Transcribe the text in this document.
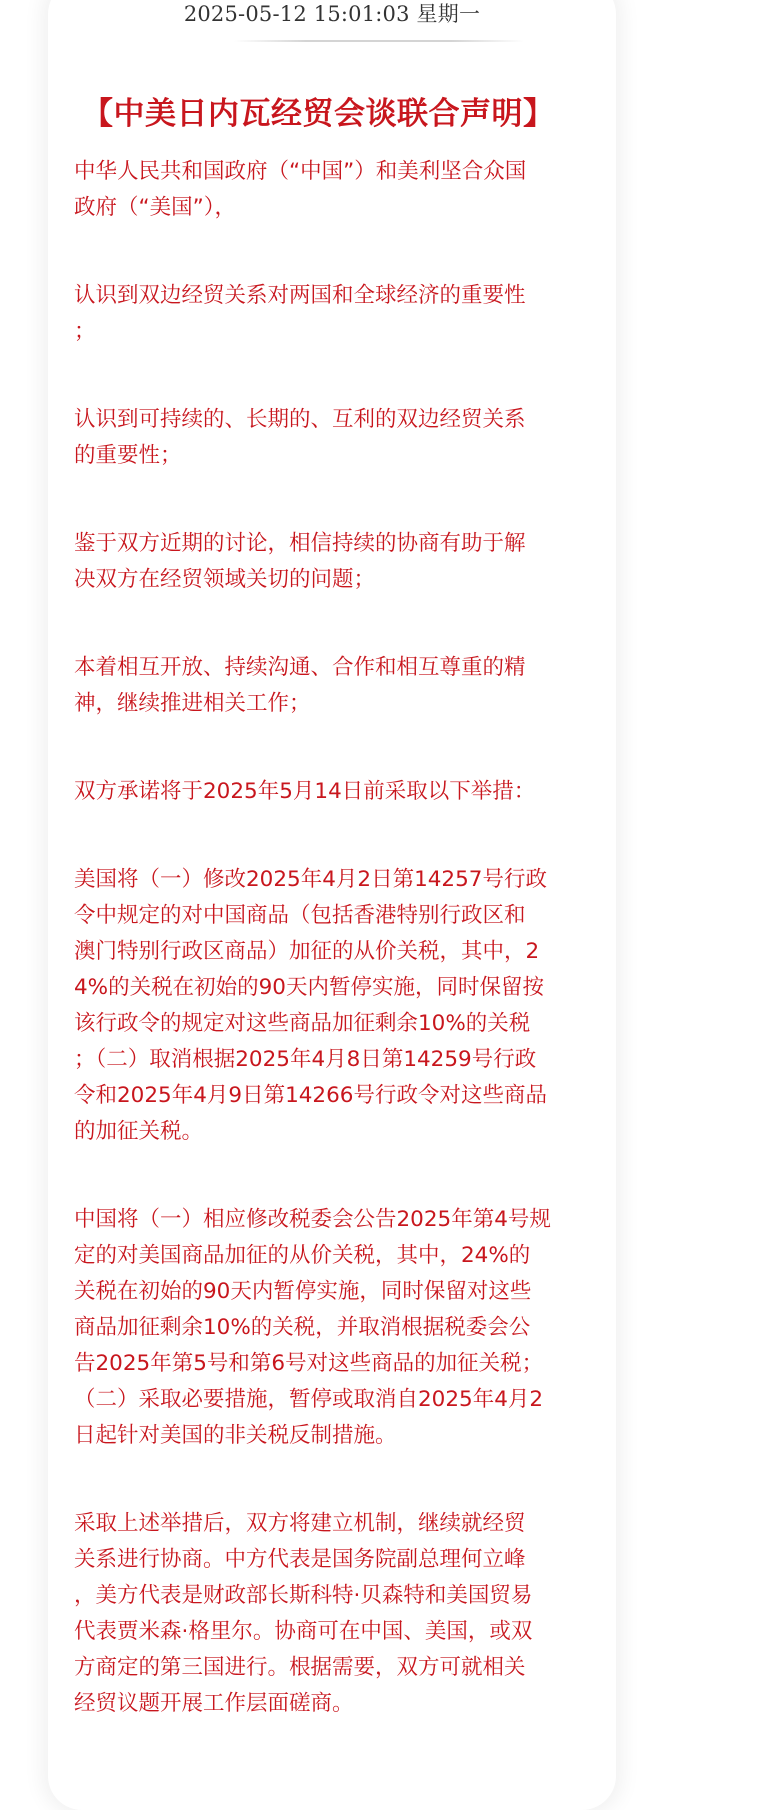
2025-05-12 15:01:03 星期一
【中美日内瓦经贸会谈联合声明】

中华人民共和国政府（“中国”）和美利坚合众国
政府（“美国”），

认识到双边经贸关系对两国和全球经济的重要性
；

认识到可持续的、长期的、互利的双边经贸关系
的重要性；

鉴于双方近期的讨论，相信持续的协商有助于解
决双方在经贸领域关切的问题；

本着相互开放、持续沟通、合作和相互尊重的精
神，继续推进相关工作；

双方承诺将于2025年5月14日前采取以下举措：

美国将（一）修改2025年4月2日第14257号行政
令中规定的对中国商品（包括香港特别行政区和
澳门特别行政区商品）加征的从价关税，其中，2
4%的关税在初始的90天内暂停实施，同时保留按
该行政令的规定对这些商品加征剩余10%的关税
；（二）取消根据2025年4月8日第14259号行政
令和2025年4月9日第14266号行政令对这些商品
的加征关税。

中国将（一）相应修改税委会公告2025年第4号规
定的对美国商品加征的从价关税，其中，24%的
关税在初始的90天内暂停实施，同时保留对这些
商品加征剩余10%的关税，并取消根据税委会公
告2025年第5号和第6号对这些商品的加征关税；
（二）采取必要措施，暂停或取消自2025年4月2
日起针对美国的非关税反制措施。

采取上述举措后，双方将建立机制，继续就经贸
关系进行协商。中方代表是国务院副总理何立峰
，美方代表是财政部长斯科特·贝森特和美国贸易
代表贾米森·格里尔。协商可在中国、美国，或双
方商定的第三国进行。根据需要，双方可就相关
经贸议题开展工作层面磋商。
